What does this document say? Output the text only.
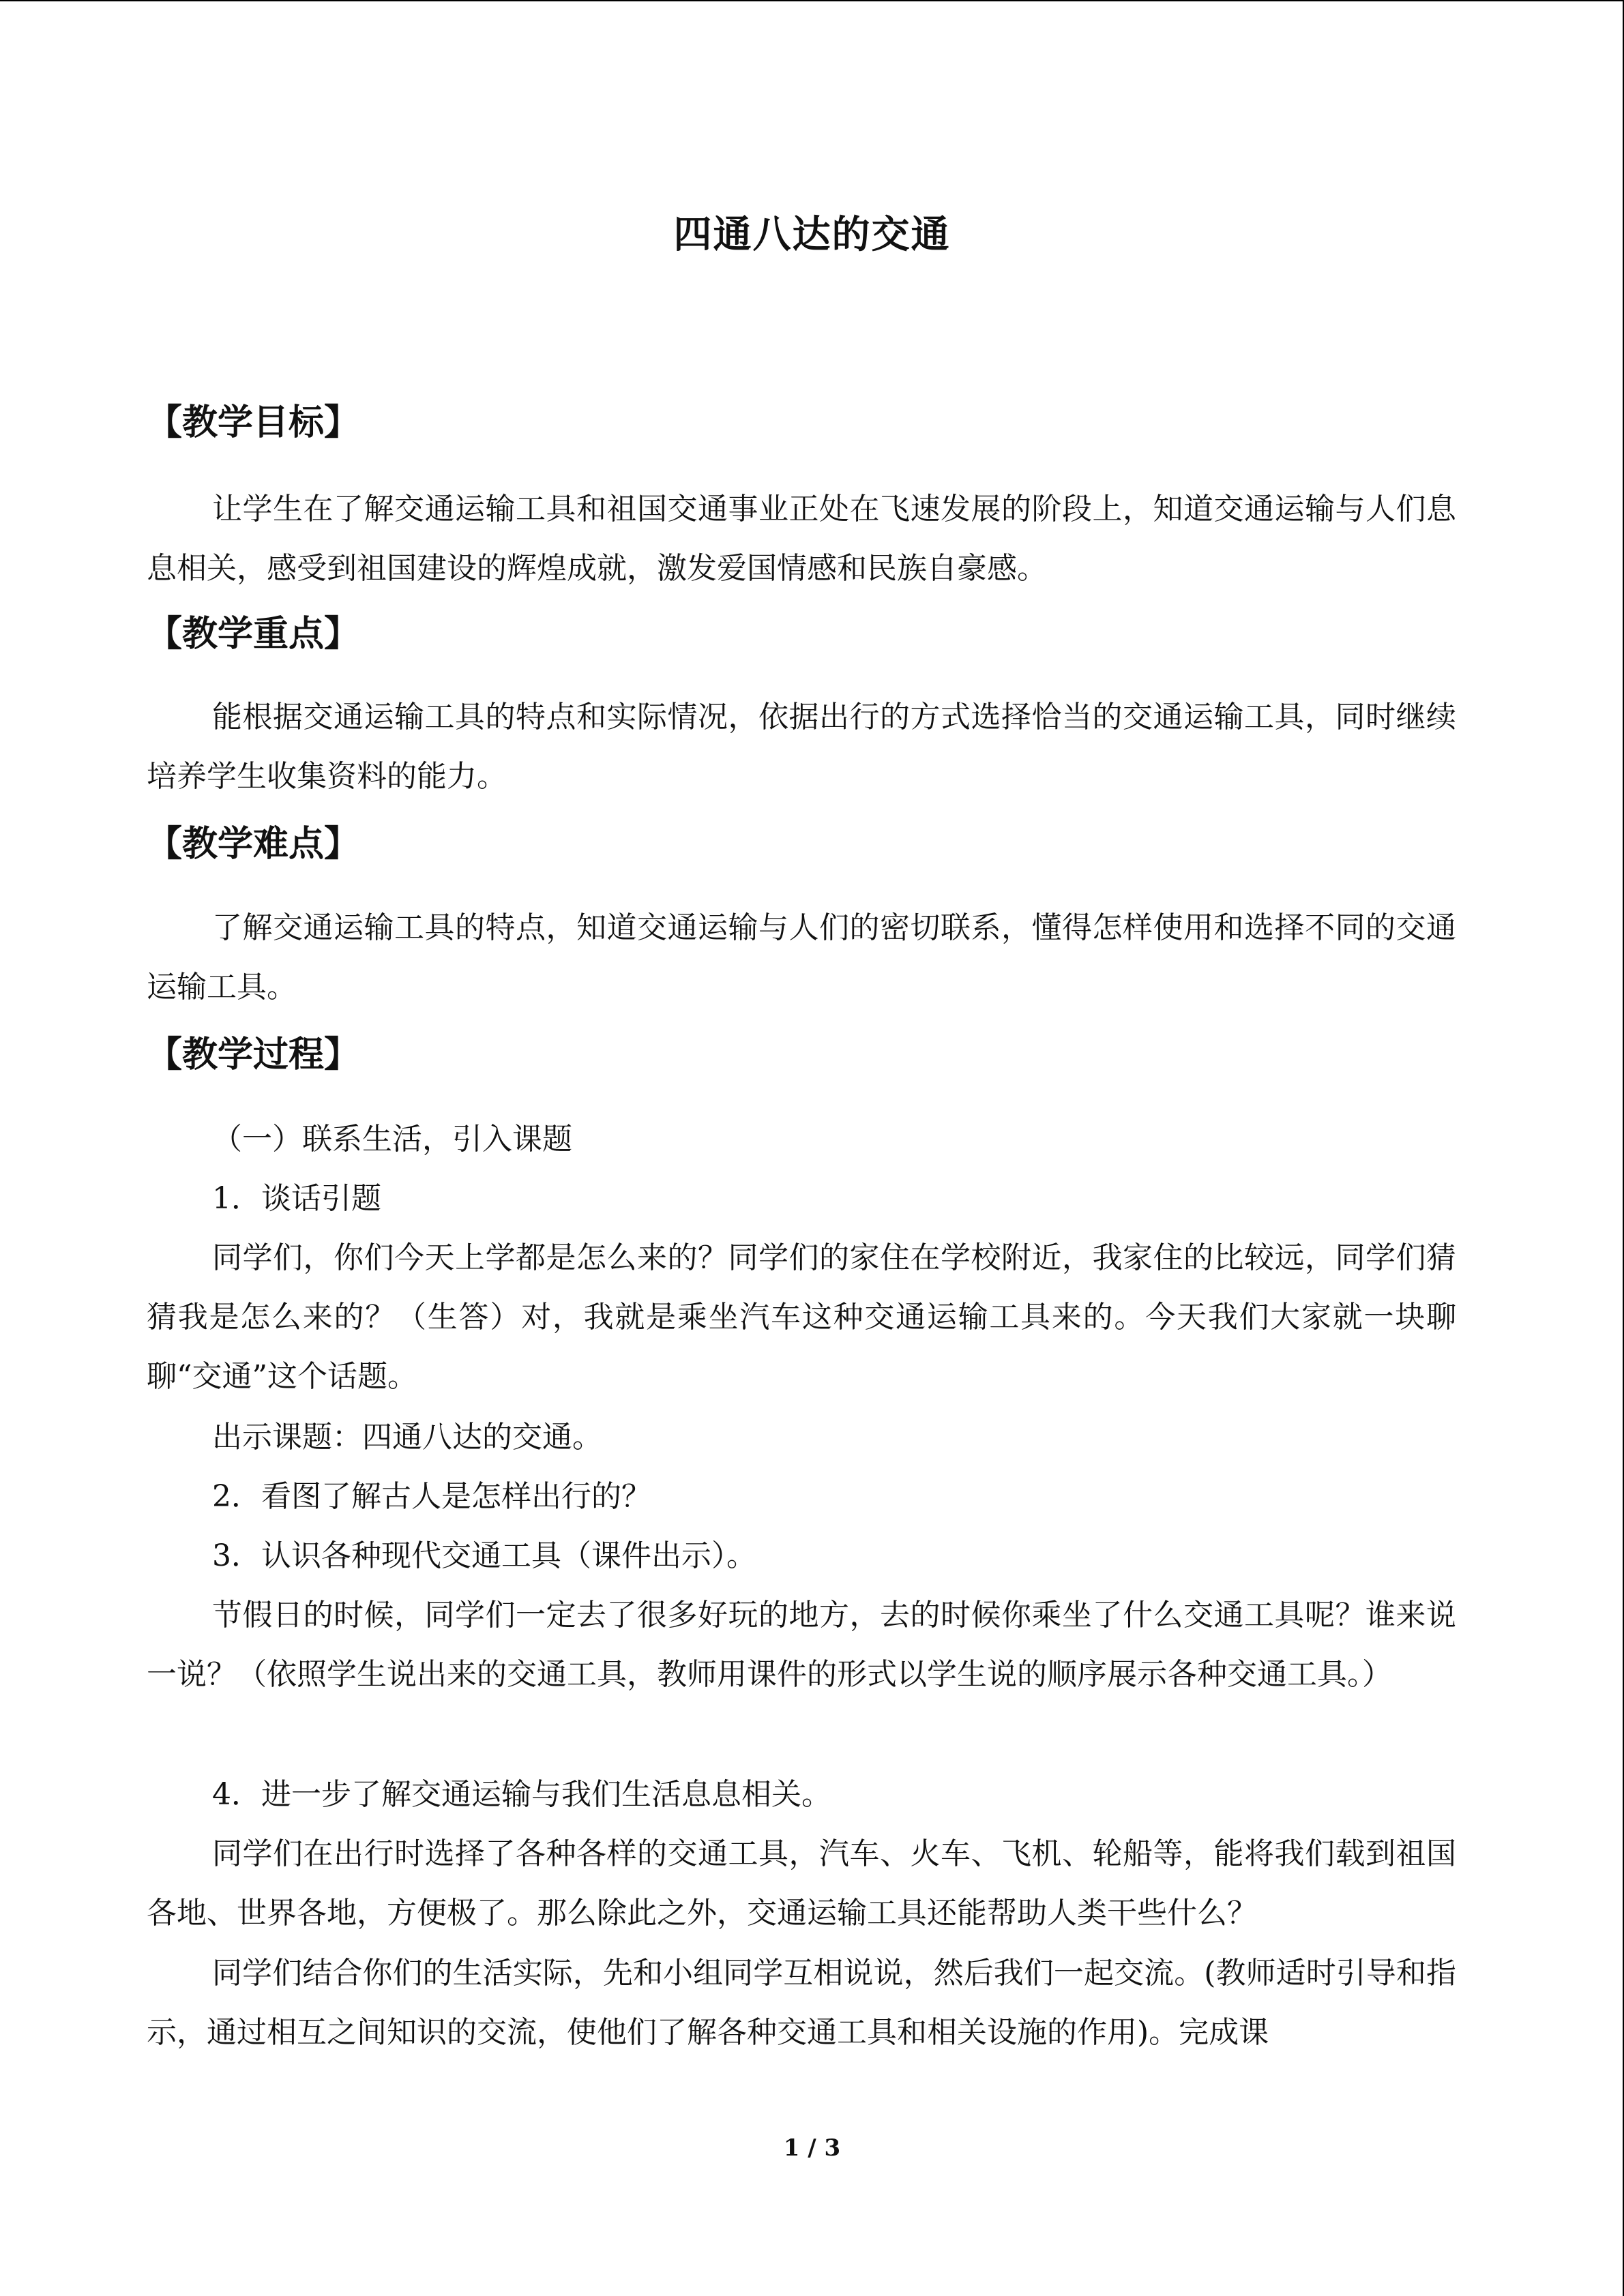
四通八达的交通
【教学目标】

让学生在了解交通运输工具和祖国交通事业正处在飞速发展的阶段上，知道交通运输与人们息息相关，感受到祖国建设的辉煌成就，激发爱国情感和民族自豪感。

【教学重点】

能根据交通运输工具的特点和实际情况，依据出行的方式选择恰当的交通运输工具，同时继续培养学生收集资料的能力。

【教学难点】

了解交通运输工具的特点，知道交通运输与人们的密切联系，懂得怎样使用和选择不同的交通运输工具。

【教学过程】

（一）联系生活，引入课题

1．谈话引题

同学们，你们今天上学都是怎么来的？同学们的家住在学校附近，我家住的比较远，同学们猜猜我是怎么来的？（生答）对，我就是乘坐汽车这种交通运输工具来的。今天我们大家就一块聊聊“交通”这个话题。

出示课题：四通八达的交通。

2．看图了解古人是怎样出行的？

3．认识各种现代交通工具（课件出示）。

节假日的时候，同学们一定去了很多好玩的地方，去的时候你乘坐了什么交通工具呢？谁来说一说？（依照学生说出来的交通工具，教师用课件的形式以学生说的顺序展示各种交通工具。）

4．进一步了解交通运输与我们生活息息相关。

同学们在出行时选择了各种各样的交通工具，汽车、火车、飞机、轮船等，能将我们载到祖国各地、世界各地，方便极了。那么除此之外，交通运输工具还能帮助人类干些什么？

同学们结合你们的生活实际，先和小组同学互相说说，然后我们一起交流。(教师适时引导和指示，通过相互之间知识的交流，使他们了解各种交通工具和相关设施的作用)。完成课

1 / 3
